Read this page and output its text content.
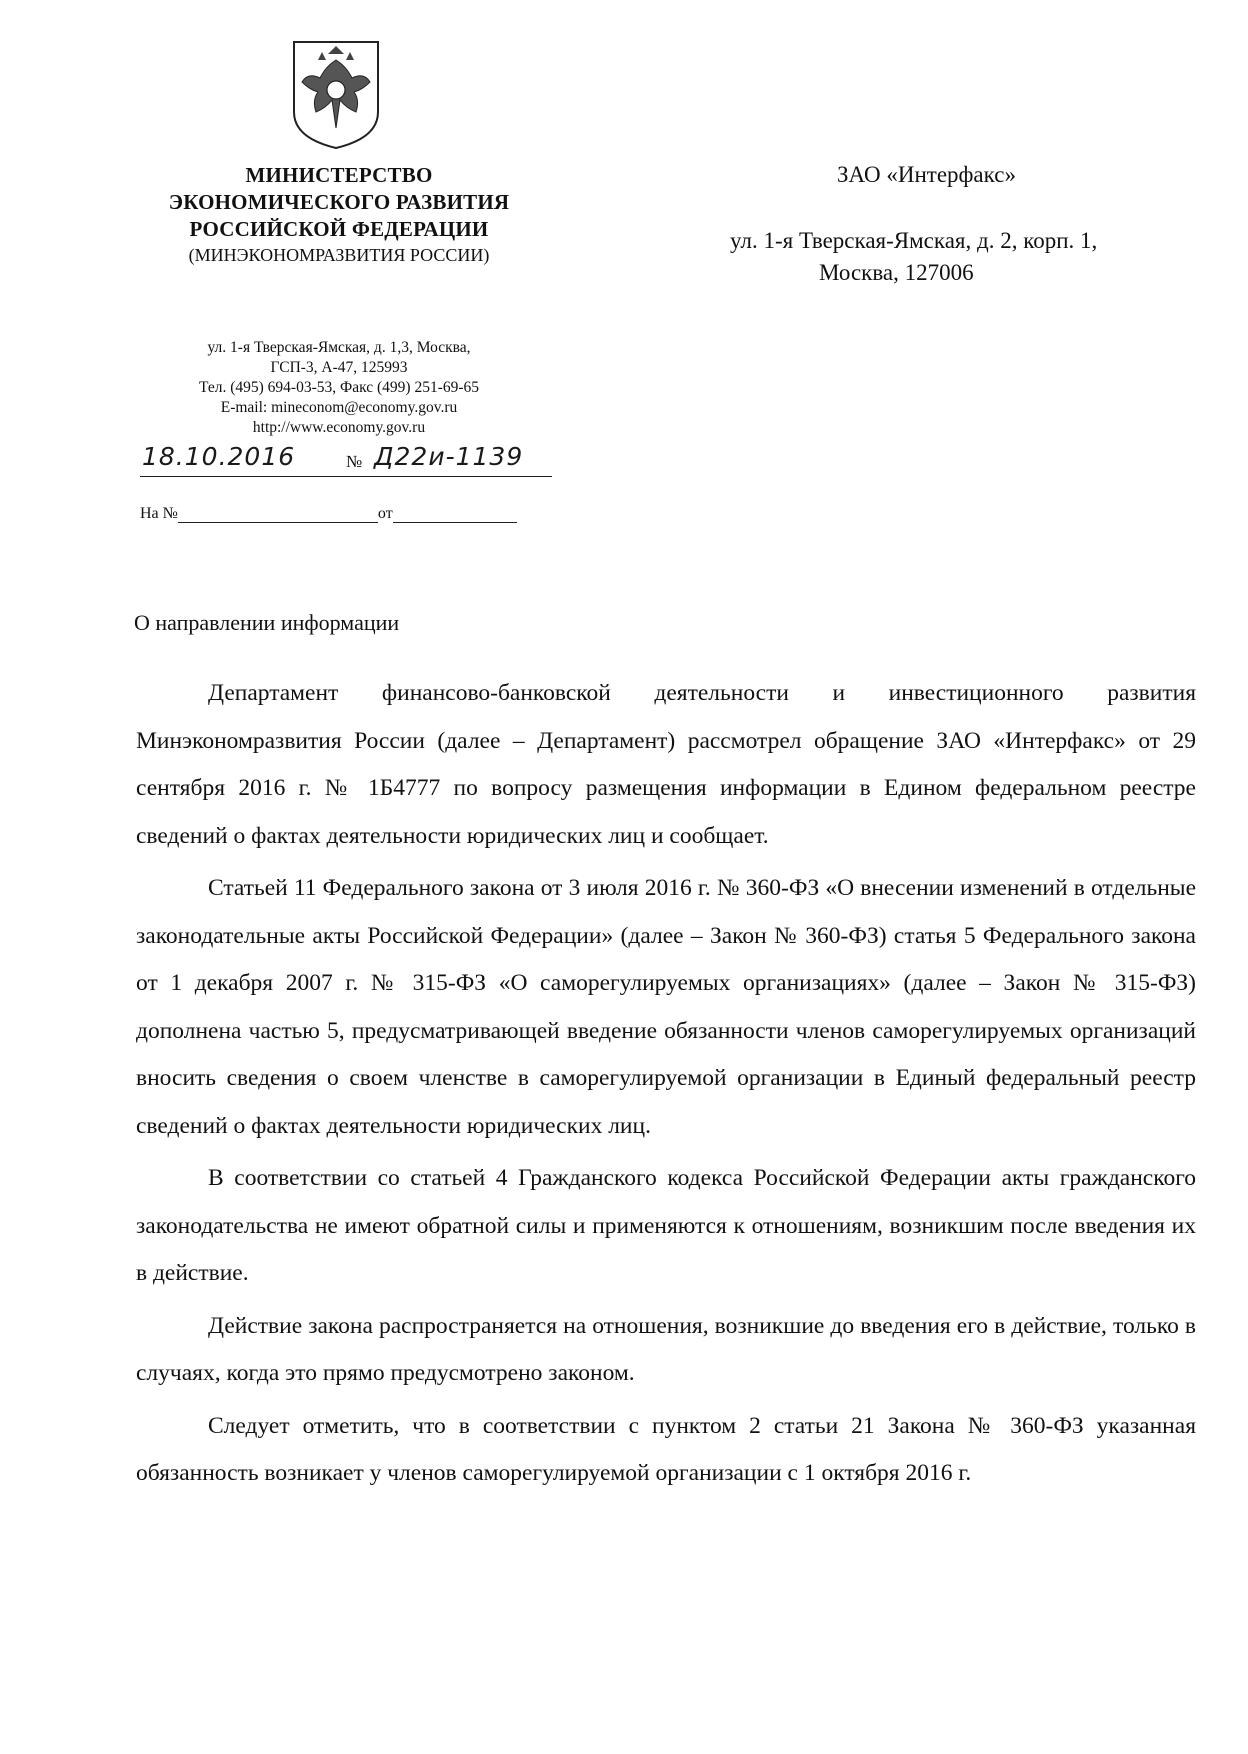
МИНИСТЕРСТВО
ЭКОНОМИЧЕСКОГО РАЗВИТИЯ
РОССИЙСКОЙ ФЕДЕРАЦИИ
(МИНЭКОНОМРАЗВИТИЯ РОССИИ)
ул. 1-я Тверская-Ямская, д. 1,3, Москва,
ГСП-3, А-47, 125993
Тел. (495) 694-03-53, Факс (499) 251-69-65
E-mail: mineconom@economy.gov.ru
http://www.economy.gov.ru
18.10.2016	№ Д22и-1139
На №	от
ЗАО «Интерфакс»
ул. 1-я Тверская-Ямская, д. 2, корп. 1,
Москва, 127006
О направлении информации

Департамент финансово-банковской деятельности и инвестиционного развития Минэкономразвития России (далее – Департамент) рассмотрел обращение ЗАО «Интерфакс» от 29 сентября 2016 г. № 1Б4777 по вопросу размещения информации в Едином федеральном реестре сведений о фактах деятельности юридических лиц и сообщает.

Статьей 11 Федерального закона от 3 июля 2016 г. № 360-ФЗ «О внесении изменений в отдельные законодательные акты Российской Федерации» (далее – Закон № 360-ФЗ) статья 5 Федерального закона от 1 декабря 2007 г. № 315-ФЗ «О саморегулируемых организациях» (далее – Закон № 315-ФЗ) дополнена частью 5, предусматривающей введение обязанности членов саморегулируемых организаций вносить сведения о своем членстве в саморегулируемой организации в Единый федеральный реестр сведений о фактах деятельности юридических лиц.

В соответствии со статьей 4 Гражданского кодекса Российской Федерации акты гражданского законодательства не имеют обратной силы и применяются к отношениям, возникшим после введения их в действие.

Действие закона распространяется на отношения, возникшие до введения его в действие, только в случаях, когда это прямо предусмотрено законом.

Следует отметить, что в соответствии с пунктом 2 статьи 21 Закона № 360-ФЗ указанная обязанность возникает у членов саморегулируемой организации с 1 октября 2016 г.
